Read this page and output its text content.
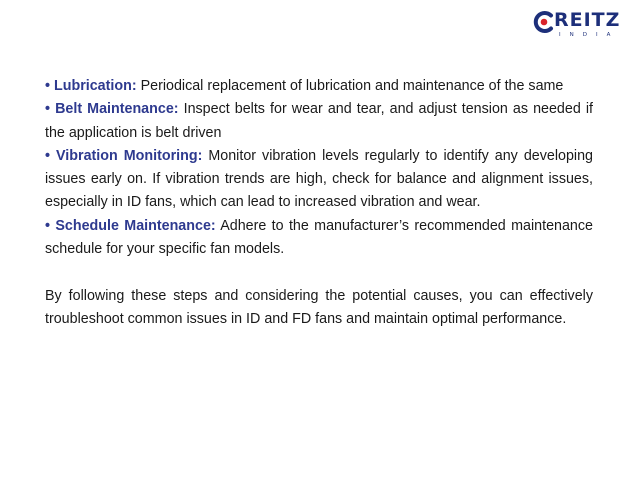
REITZ
INDIA

• Lubrication: Periodical replacement of lubrication and maintenance of the same

• Belt Maintenance: Inspect belts for wear and tear, and adjust tension as needed if the application is belt driven

• Vibration Monitoring: Monitor vibration levels regularly to identify any developing issues early on. If vibration trends are high, check for balance and alignment issues, especially in ID fans, which can lead to increased vibration and wear.

• Schedule Maintenance: Adhere to the manufacturer’s recommended maintenance schedule for your specific fan models.

By following these steps and considering the potential causes, you can effectively troubleshoot common issues in ID and FD fans and maintain optimal performance.
